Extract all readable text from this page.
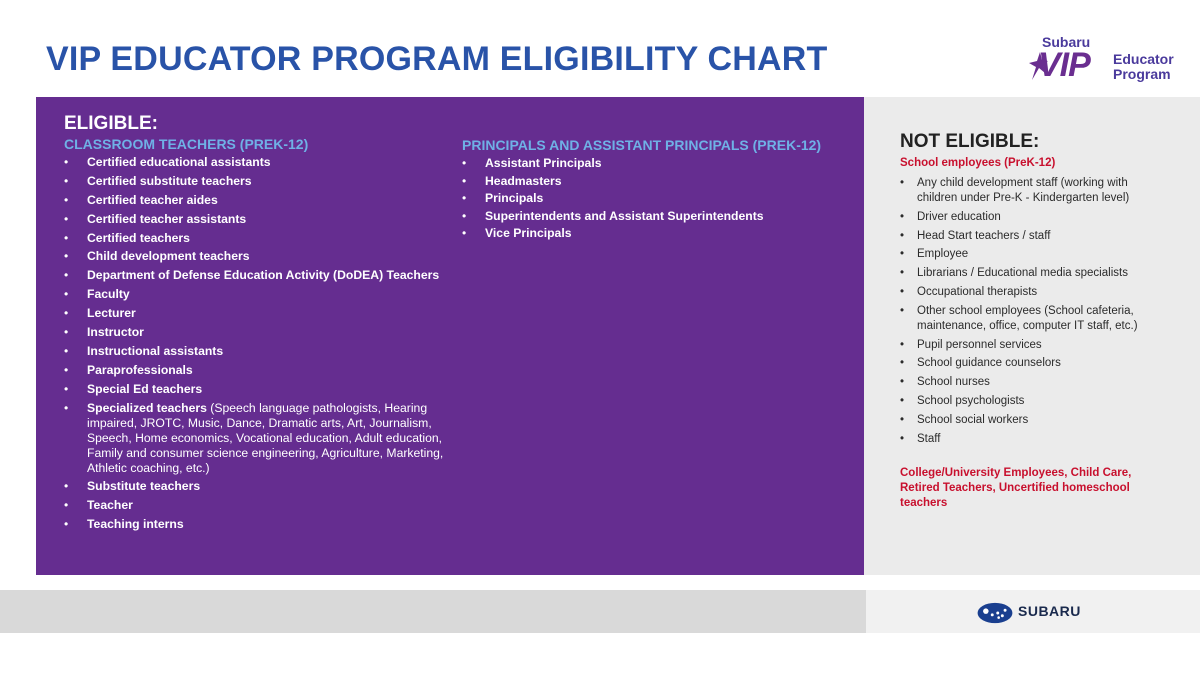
VIP EDUCATOR PROGRAM ELIGIBILITY CHART	Subaru
VIP Educator
Program
ELIGIBLE:
CLASSROOM TEACHERS (PREK-12)
• Certified educational assistants
• Certified substitute teachers
• Certified teacher aides
• Certified teacher assistants
• Certified teachers
• Child development teachers
• Department of Defense Education Activity (DoDEA) Teachers
• Faculty
• Lecturer
• Instructor
• Instructional assistants
• Paraprofessionals
• Special Ed teachers
• Specialized teachers (Speech language pathologists, Hearing impaired, JROTC, Music, Dance, Dramatic arts, Art, Journalism, Speech, Home economics, Vocational education, Adult education, Family and consumer science engineering, Agriculture, Marketing, Athletic coaching, etc.)
• Substitute teachers
• Teacher
• Teaching interns
PRINCIPALS AND ASSISTANT PRINCIPALS (PREK-12)
• Assistant Principals
• Headmasters
• Principals
• Superintendents and Assistant Superintendents
• Vice Principals
NOT ELIGIBLE:
School employees (PreK-12)
• Any child development staff (working with children under Pre-K - Kindergarten level)
• Driver education
• Head Start teachers / staff
• Employee
• Librarians / Educational media specialists
• Occupational therapists
• Other school employees (School cafeteria, maintenance, office, computer IT staff, etc.)
• Pupil personnel services
• School guidance counselors
• School nurses
• School psychologists
• School social workers
• Staff
College/University Employees, Child Care, Retired Teachers, Uncertified homeschool teachers
SUBARU
